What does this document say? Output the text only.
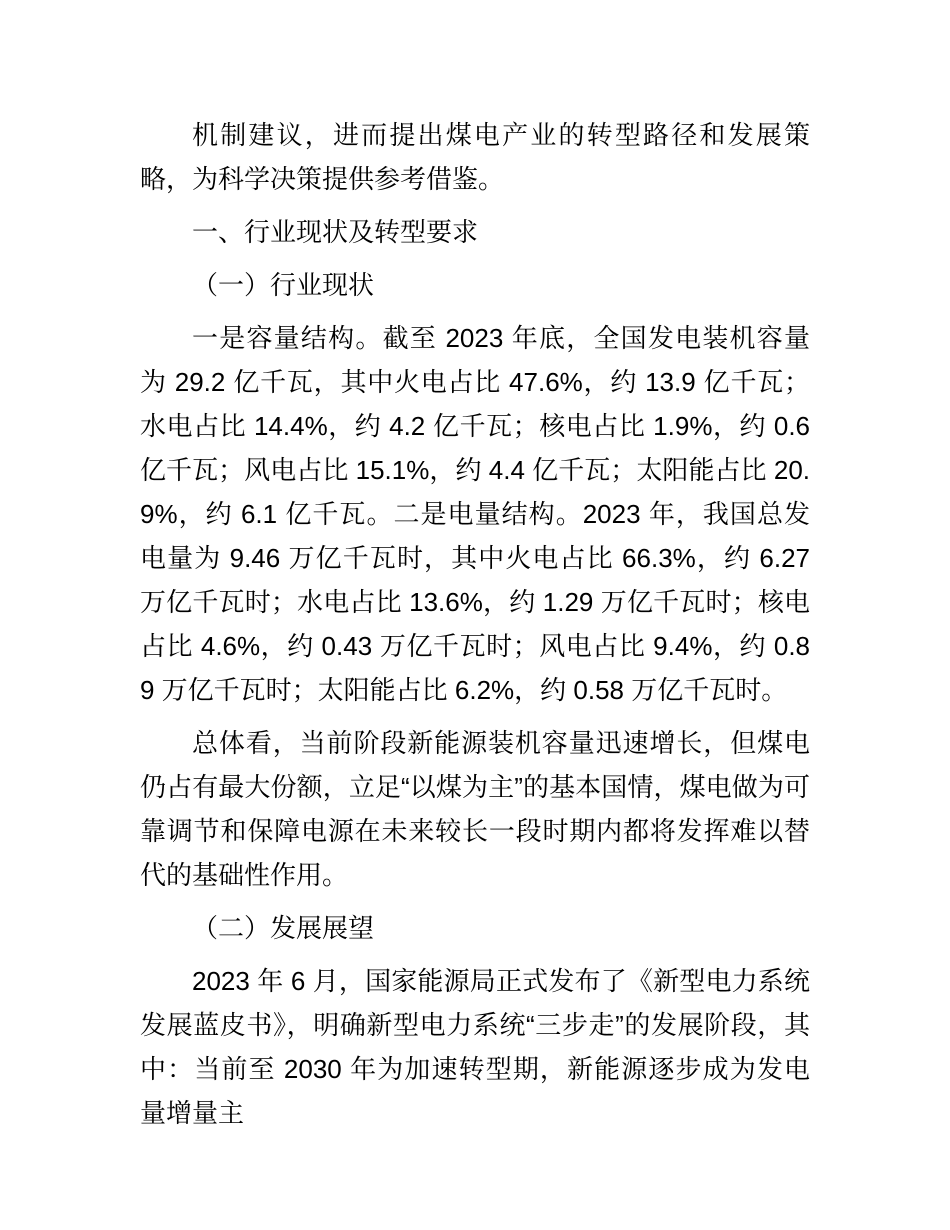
机制建议，进而提出煤电产业的转型路径和发展策略，为科学决策提供参考借鉴。

一、行业现状及转型要求

（一）行业现状

一是容量结构。截至 2023 年底，全国发电装机容量为 29.2 亿千瓦，其中火电占比 47.6%，约 13.9 亿千瓦；水电占比 14.4%，约 4.2 亿千瓦；核电占比 1.9%，约 0.6 亿千瓦；风电占比 15.1%，约 4.4 亿千瓦；太阳能占比 20.9%，约 6.1 亿千瓦。二是电量结构。2023 年，我国总发电量为 9.46 万亿千瓦时，其中火电占比 66.3%，约 6.27 万亿千瓦时；水电占比 13.6%，约 1.29 万亿千瓦时；核电占比 4.6%，约 0.43 万亿千瓦时；风电占比 9.4%，约 0.89 万亿千瓦时；太阳能占比 6.2%，约 0.58 万亿千瓦时。

总体看，当前阶段新能源装机容量迅速增长，但煤电仍占有最大份额，立足“以煤为主”的基本国情，煤电做为可靠调节和保障电源在未来较长一段时期内都将发挥难以替代的基础性作用。

（二）发展展望

2023 年 6 月，国家能源局正式发布了《新型电力系统发展蓝皮书》，明确新型电力系统“三步走”的发展阶段，其中：当前至 2030 年为加速转型期，新能源逐步成为发电量增量主
